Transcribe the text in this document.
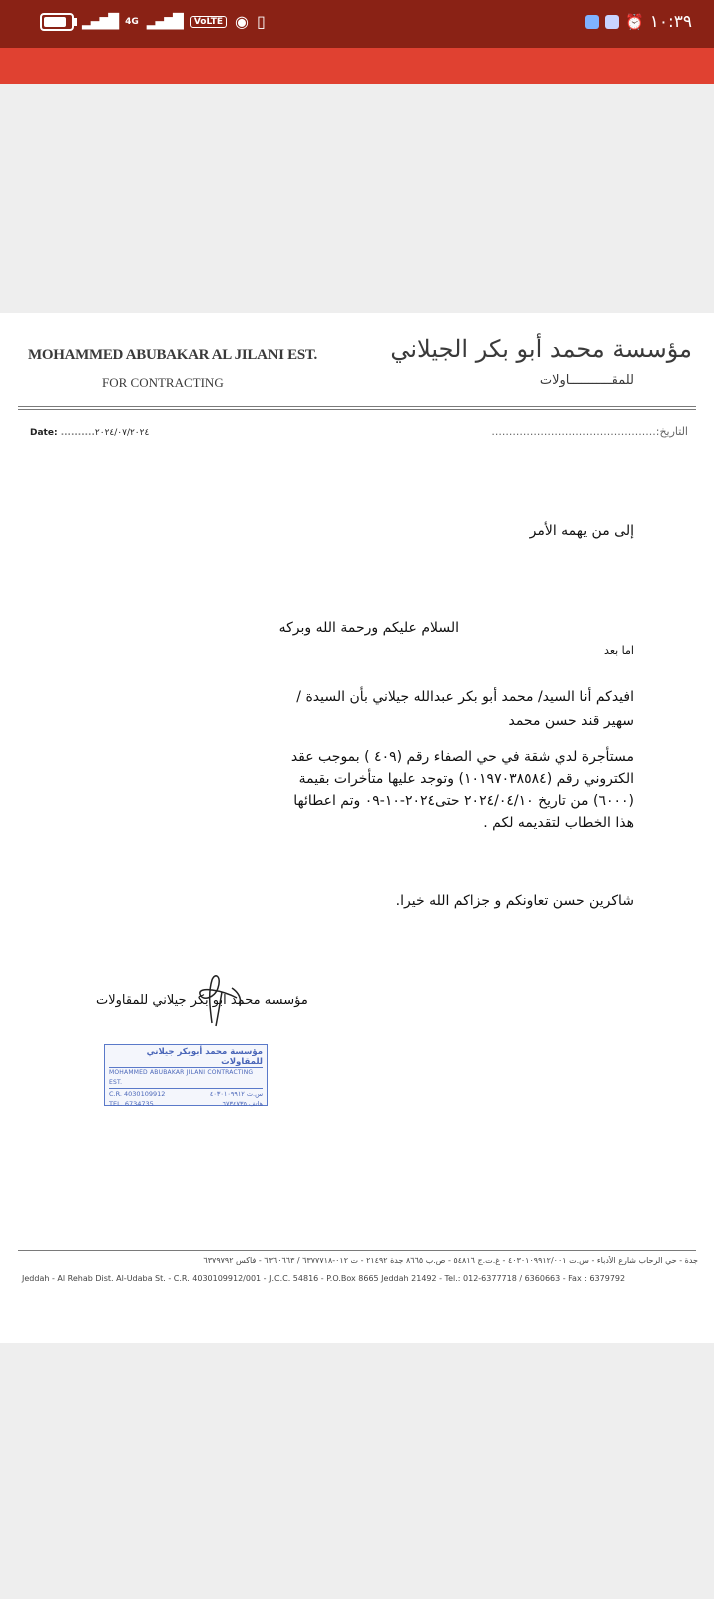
▂▄▆█ 4G ▂▄▆█	VoLTE ◉ ▯	⏰ ١٠:٣٩
MOHAMMED ABUBAKAR AL JILANI EST.
FOR CONTRACTING
مؤسسة محمد أبو بكر الجيلاني
للمقـــــــــــاولات
Date: ..........٢٠٢٤/٠٧/٢٠٢٤	التاريخ:...............................................
إلى من يهمه الأمر
السلام عليكم ورحمة الله وبركه
اما بعد
افيدكم أنا السيد/ محمد أبو بكر عبدالله جيلاني بأن السيدة / سهير قند حسن محمد
مستأجرة لدي شقة في حي الصفاء رقم (٤٠٩ ) بموجب عقد الكتروني رقم (١٠١٩٧٠٣٨٥٨٤) وتوجد عليها متأخرات بقيمة (٦٠٠٠) من تاريخ ٢٠٢٤/٠٤/١٠ حتى٢٠٢٤-١٠-٠٩ وتم اعطائها هذا الخطاب لتقديمه لكم .
شاكرين حسن تعاونكم و جزاكم الله خيرا.
مؤسسه محمد ابو بكر جيلاني للمقاولات
مؤسسة محمد أبوبكر جيلاني للمقاولات
MOHAMMED ABUBAKAR JILANI CONTRACTING EST.
C.R. 4030109912	س.ت ٤٠٣٠١٠٩٩١٢
TEL. 6734735	هاتف ٦٧٣٤٧٣٥
جدة - حي الرحاب شارع الأدباء - س.ت ٤٠٣٠١٠٩٩١٢/٠٠١ - غ.ت.ج ٥٤٨١٦ - ص.ب ٨٦٦٥ جدة ٢١٤٩٢ - ت ٠١٢-٦٣٧٧٧١٨ / ٦٣٦٠٦٦٣ - فاكس ٦٣٧٩٧٩٢
Jeddah - Al Rehab Dist. Al-Udaba St. - C.R. 4030109912/001 - J.C.C. 54816 - P.O.Box 8665 Jeddah 21492 - Tel.: 012-6377718 / 6360663 - Fax : 6379792
